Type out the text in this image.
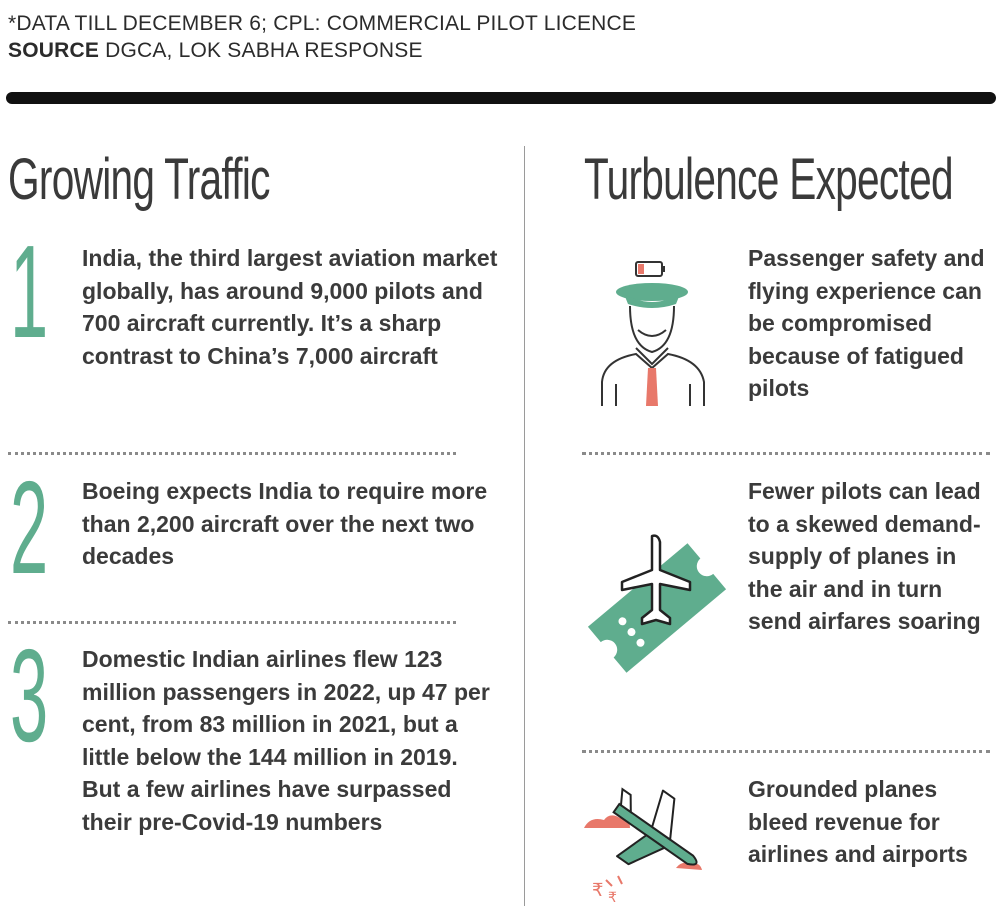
*DATA TILL DECEMBER 6; CPL: COMMERCIAL PILOT LICENCE
SOURCE DGCA, LOK SABHA RESPONSE
Growing Traffic
1 India, the third largest aviation market globally, has around 9,000 pilots and 700 aircraft currently. It’s a sharp contrast to China’s 7,000 aircraft
2 Boeing expects India to require more than 2,200 aircraft over the next two decades
3 Domestic Indian airlines flew 123 million passengers in 2022, up 47 per cent, from 83 million in 2021, but a little below the 144 million in 2019. But a few airlines have surpassed their pre-Covid-19 numbers
Turbulence Expected
Passenger safety and flying experience can be compromised because of fatigued pilots
Fewer pilots can lead to a skewed demand-supply of planes in the air and in turn send airfares soaring
₹ ₹
Grounded planes bleed revenue for airlines and airports
